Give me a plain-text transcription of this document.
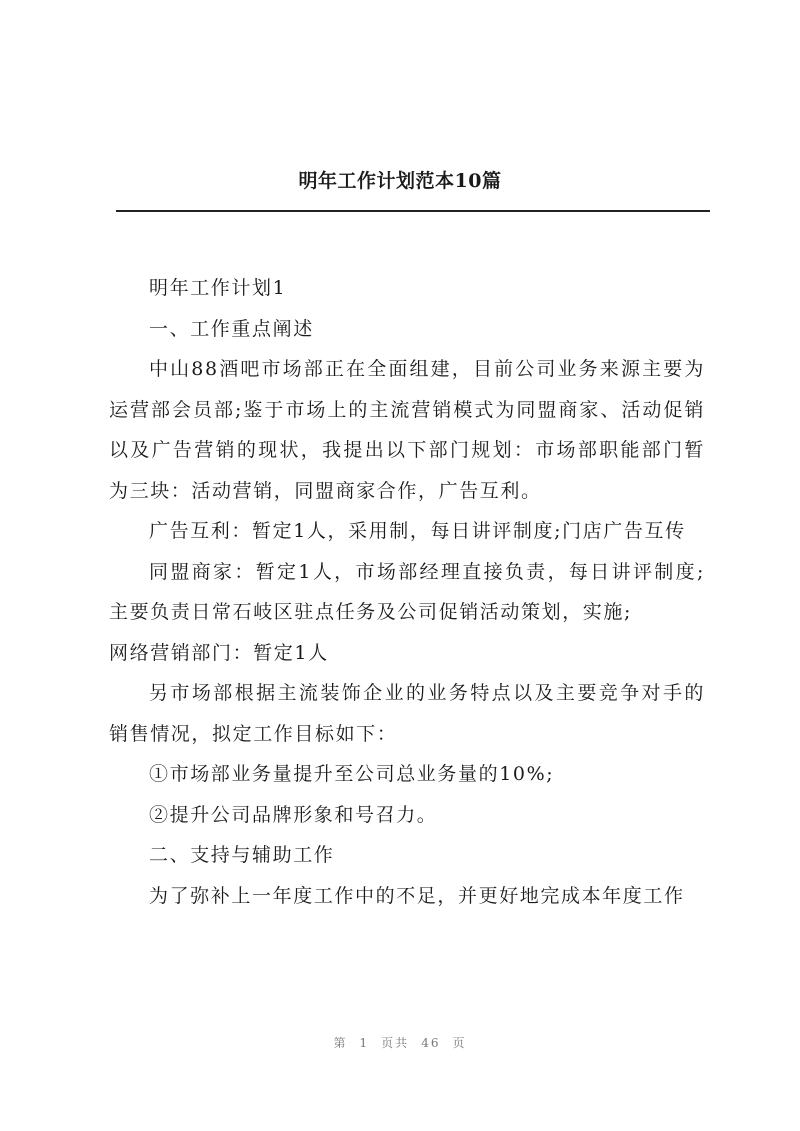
明年工作计划范本10篇

明年工作计划1

一、工作重点阐述

中山88酒吧市场部正在全面组建，目前公司业务来源主要为运营部会员部;鉴于市场上的主流营销模式为同盟商家、活动促销以及广告营销的现状，我提出以下部门规划：市场部职能部门暂为三块：活动营销，同盟商家合作，广告互利。

广告互利：暂定1人，采用制，每日讲评制度;门店广告互传

同盟商家：暂定1人，市场部经理直接负责，每日讲评制度;主要负责日常石岐区驻点任务及公司促销活动策划，实施;

网络营销部门：暂定1人

另市场部根据主流装饰企业的业务特点以及主要竞争对手的销售情况，拟定工作目标如下：

①市场部业务量提升至公司总业务量的10%;

②提升公司品牌形象和号召力。

二、支持与辅助工作

为了弥补上一年度工作中的不足，并更好地完成本年度工作

第 1 页共 46 页
